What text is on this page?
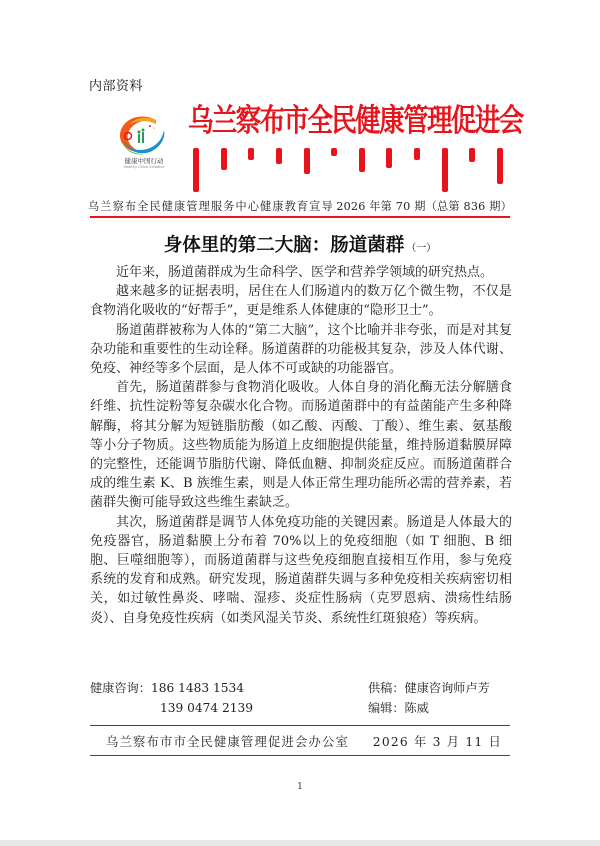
内部资料
健康中国行动
Healthy China Initiative
乌兰察布市全民健康管理促进会
乌兰察布全民健康管理服务中心健康教育宣导 2026 年第 70 期（总第 836 期）
身体里的第二大脑：肠道菌群 （一）

近年来，肠道菌群成为生命科学、医学和营养学领域的研究热点。

越来越多的证据表明，居住在人们肠道内的数万亿个微生物，不仅是食物消化吸收的“好帮手”，更是维系人体健康的“隐形卫士”。

肠道菌群被称为人体的“第二大脑”，这个比喻并非夸张，而是对其复杂功能和重要性的生动诠释。肠道菌群的功能极其复杂，涉及人体代谢、免疫、神经等多个层面，是人体不可或缺的功能器官。

首先，肠道菌群参与食物消化吸收。人体自身的消化酶无法分解膳食纤维、抗性淀粉等复杂碳水化合物。而肠道菌群中的有益菌能产生多种降解酶，将其分解为短链脂肪酸（如乙酸、丙酸、丁酸）、维生素、氨基酸等小分子物质。这些物质能为肠道上皮细胞提供能量，维持肠道黏膜屏障的完整性，还能调节脂肪代谢、降低血糖、抑制炎症反应。而肠道菌群合成的维生素 K、B 族维生素，则是人体正常生理功能所必需的营养素，若菌群失衡可能导致这些维生素缺乏。

其次，肠道菌群是调节人体免疫功能的关键因素。肠道是人体最大的免疫器官，肠道黏膜上分布着 70%以上的免疫细胞（如 T 细胞、B 细胞、巨噬细胞等），而肠道菌群与这些免疫细胞直接相互作用，参与免疫系统的发育和成熟。研究发现，肠道菌群失调与多种免疫相关疾病密切相关，如过敏性鼻炎、哮喘、湿疹、炎症性肠病（克罗恩病、溃疡性结肠炎）、自身免疫性疾病（如类风湿关节炎、系统性红斑狼疮）等疾病。

健康咨询：186 1483 1534
139 0474 2139
供稿：健康咨询师卢芳
编辑：陈威
乌兰察布市市全民健康管理促进会办公室 2026 年 3 月 11 日
1
